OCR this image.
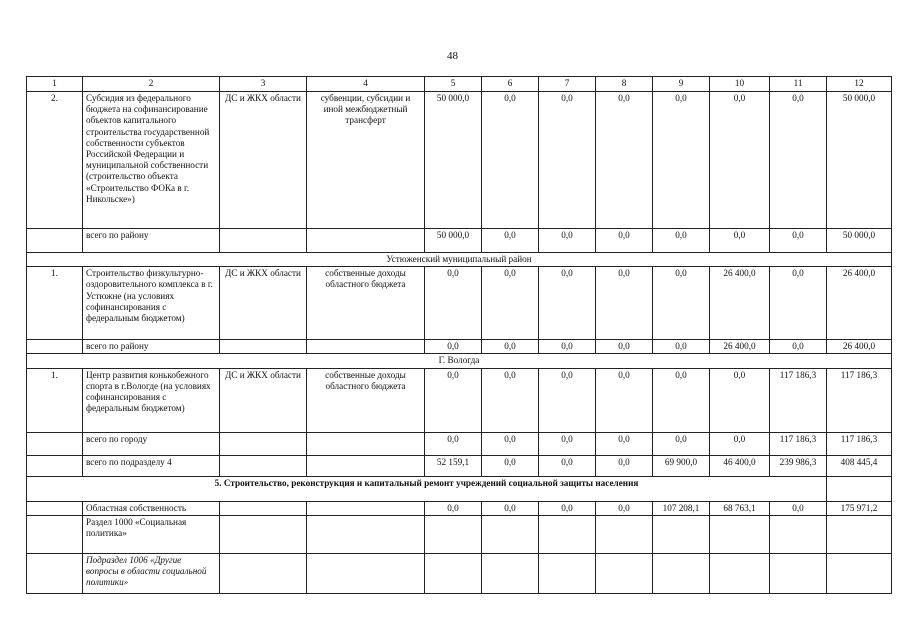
48
1	2	3	4	5	6	7	8	9	10	11	12
2.	Субсидия из федерального бюджета на софинансирование объектов капитального строительства государственной собственности субъектов Российской Федерации и муниципальной собственности (строительство объекта «Строительство ФОКа в г. Никольске»)	ДС и ЖКХ области	субвенции, субсидии и иной межбюджетный трансферт	50 000,0	0,0	0,0	0,0	0,0	0,0	0,0	50 000,0
	всего по району			50 000,0	0,0	0,0	0,0	0,0	0,0	0,0	50 000,0
Устюженский муниципальный район											
1.	Строительство физкультурно-оздоровительного комплекса в г. Устюжне (на условиях софинансирования с федеральным бюджетом)	ДС и ЖКХ области	собственные доходы областного бюджета	0,0	0,0	0,0	0,0	0,0	26 400,0	0,0	26 400,0
	всего по району			0,0	0,0	0,0	0,0	0,0	26 400,0	0,0	26 400,0
Г. Вологда											
1.	Центр развития конькобежного спорта в г.Вологде (на условиях софинансирования с федеральным бюджетом)	ДС и ЖКХ области	собственные доходы областного бюджета	0,0	0,0	0,0	0,0	0,0	0,0	117 186,3	117 186,3
	всего по городу			0,0	0,0	0,0	0,0	0,0	0,0	117 186,3	117 186,3
	всего по подразделу 4			52 159,1	0,0	0,0	0,0	69 900,0	46 400,0	239 986,3	408 445,4
5. Строительство, реконструкция и капитальный ремонт учреждений социальной защиты населения											
	Областная собственность			0,0	0,0	0,0	0,0	107 208,1	68 763,1	0,0	175 971,2
	Раздел 1000 «Социальная политика»										
	Подраздел 1006 «Другие вопросы в области социальной политики»										
